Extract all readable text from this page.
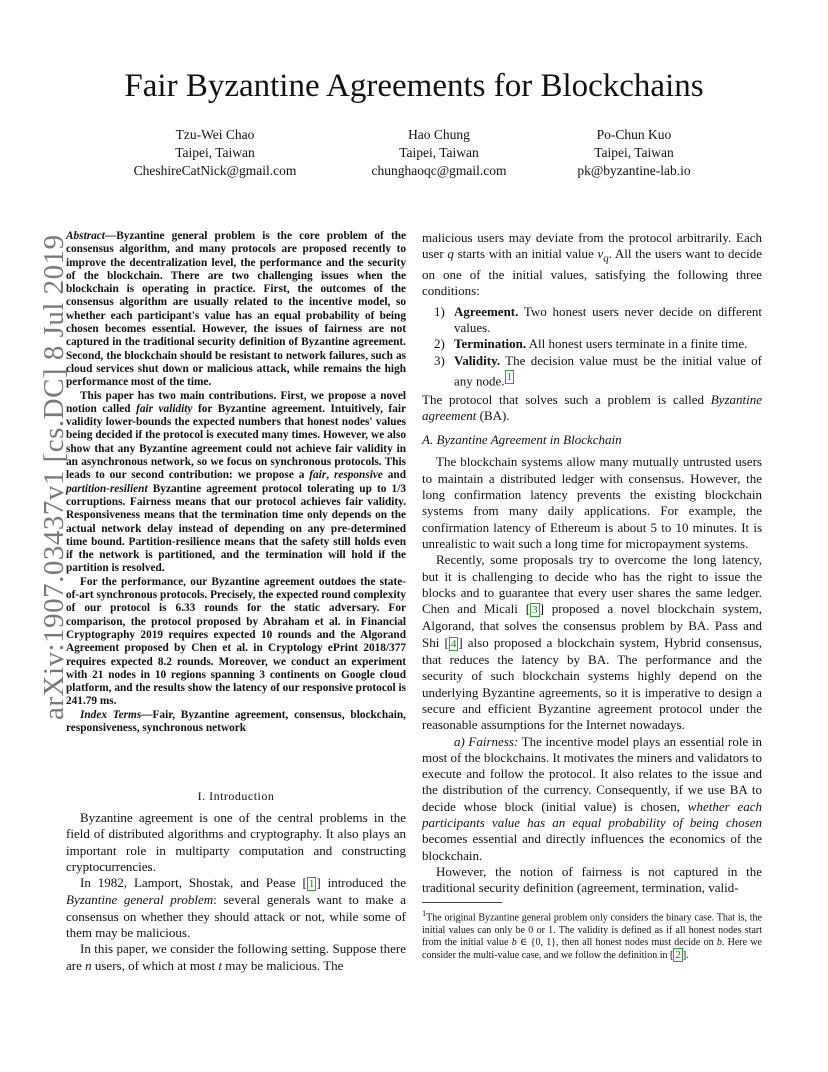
arXiv:1907.03437v1 [cs.DC] 8 Jul 2019
Fair Byzantine Agreements for Blockchains
Tzu-Wei Chao
Taipei, Taiwan
CheshireCatNick@gmail.com
Hao Chung
Taipei, Taiwan
chunghaoqc@gmail.com
Po-Chun Kuo
Taipei, Taiwan
pk@byzantine-lab.io

Abstract—Byzantine general problem is the core problem of the consensus algorithm, and many protocols are proposed recently to improve the decentralization level, the performance and the security of the blockchain. There are two challenging issues when the blockchain is operating in practice. First, the outcomes of the consensus algorithm are usually related to the incentive model, so whether each participant's value has an equal probability of being chosen becomes essential. However, the issues of fairness are not captured in the traditional security definition of Byzantine agreement. Second, the blockchain should be resistant to network failures, such as cloud services shut down or malicious attack, while remains the high performance most of the time.

This paper has two main contributions. First, we propose a novel notion called fair validity for Byzantine agreement. Intuitively, fair validity lower-bounds the expected numbers that honest nodes' values being decided if the protocol is executed many times. However, we also show that any Byzantine agreement could not achieve fair validity in an asynchronous network, so we focus on synchronous protocols. This leads to our second contribution: we propose a fair, responsive and partition-resilient Byzantine agreement protocol tolerating up to 1/3 corruptions. Fairness means that our protocol achieves fair validity. Responsiveness means that the termination time only depends on the actual network delay instead of depending on any pre-determined time bound. Partition-resilience means that the safety still holds even if the network is partitioned, and the termination will hold if the partition is resolved.

For the performance, our Byzantine agreement outdoes the state-of-art synchronous protocols. Precisely, the expected round complexity of our protocol is 6.33 rounds for the static adversary. For comparison, the protocol proposed by Abraham et al. in Financial Cryptography 2019 requires expected 10 rounds and the Algorand Agreement proposed by Chen et al. in Cryptology ePrint 2018/377 requires expected 8.2 rounds. Moreover, we conduct an experiment with 21 nodes in 10 regions spanning 3 continents on Google cloud platform, and the results show the latency of our responsive protocol is 241.79 ms.

Index Terms—Fair, Byzantine agreement, consensus, blockchain, responsiveness, synchronous network

I. Introduction

Byzantine agreement is one of the central problems in the field of distributed algorithms and cryptography. It also plays an important role in multiparty computation and constructing cryptocurrencies.

In 1982, Lamport, Shostak, and Pease [ 1 ] introduced the Byzantine general problem: several generals want to make a consensus on whether they should attack or not, while some of them may be malicious.

In this paper, we consider the following setting. Suppose there are n users, of which at most t may be malicious. The

malicious users may deviate from the protocol arbitrarily. Each user q starts with an initial value $v_q$. All the users want to decide on one of the initial values, satisfying the following three conditions:

1) Agreement. Two honest users never decide on different values.
2) Termination. All honest users terminate in a finite time.
3) Validity. The decision value must be the initial value of any node. $^1$

The protocol that solves such a problem is called Byzantine agreement (BA).

A. Byzantine Agreement in Blockchain

The blockchain systems allow many mutually untrusted users to maintain a distributed ledger with consensus. However, the long confirmation latency prevents the existing blockchain systems from many daily applications. For example, the confirmation latency of Ethereum is about 5 to 10 minutes. It is unrealistic to wait such a long time for micropayment systems.

Recently, some proposals try to overcome the long latency, but it is challenging to decide who has the right to issue the blocks and to guarantee that every user shares the same ledger. Chen and Micali [ 3 ] proposed a novel blockchain system, Algorand, that solves the consensus problem by BA. Pass and Shi [ 4 ] also proposed a blockchain system, Hybrid consensus, that reduces the latency by BA. The performance and the security of such blockchain systems highly depend on the underlying Byzantine agreements, so it is imperative to design a secure and efficient Byzantine agreement protocol under the reasonable assumptions for the Internet nowadays.

a) Fairness: The incentive model plays an essential role in most of the blockchains. It motivates the miners and validators to execute and follow the protocol. It also relates to the issue and the distribution of the currency. Consequently, if we use BA to decide whose block (initial value) is chosen, whether each participants value has an equal probability of being chosen becomes essential and directly influences the economics of the blockchain.

However, the notion of fairness is not captured in the traditional security definition (agreement, termination, valid-

$^1$The original Byzantine general problem only considers the binary case. That is, the initial values can only be 0 or 1. The validity is defined as if all honest nodes start from the initial value b ∈ {0, 1}, then all honest nodes must decide on b. Here we consider the multi-value case, and we follow the definition in [ 2 ].
